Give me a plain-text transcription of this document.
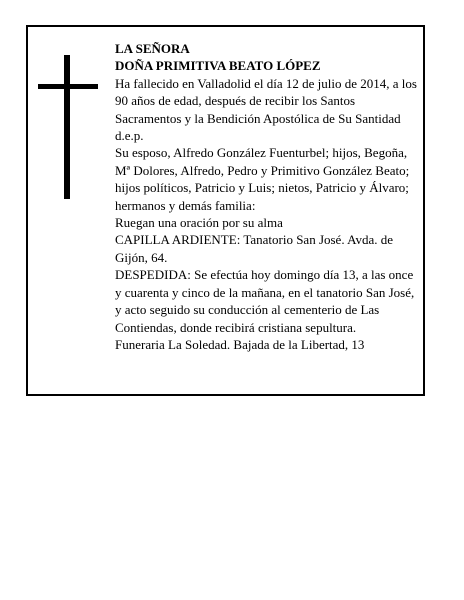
LA SEÑORA

DOÑA PRIMITIVA BEATO LÓPEZ

Ha fallecido en Valladolid el día 12 de julio de 2014, a los 90 años de edad, después de recibir los Santos Sacramentos y la Bendición Apostólica de Su Santidad d.e.p.

Su esposo, Alfredo González Fuenturbel; hijos, Begoña, Mª Dolores, Alfredo, Pedro y Primitivo González Beato; hijos políticos, Patricio y Luis; nietos, Patricio y Álvaro; hermanos y demás familia:

Ruegan una oración por su alma

CAPILLA ARDIENTE: Tanatorio San José. Avda. de Gijón, 64.

DESPEDIDA: Se efectúa hoy domingo día 13, a las once y cuarenta y cinco de la mañana, en el tanatorio San José, y acto seguido su conducción al cementerio de Las Contiendas, donde recibirá cristiana sepultura.

Funeraria La Soledad. Bajada de la Libertad, 13
